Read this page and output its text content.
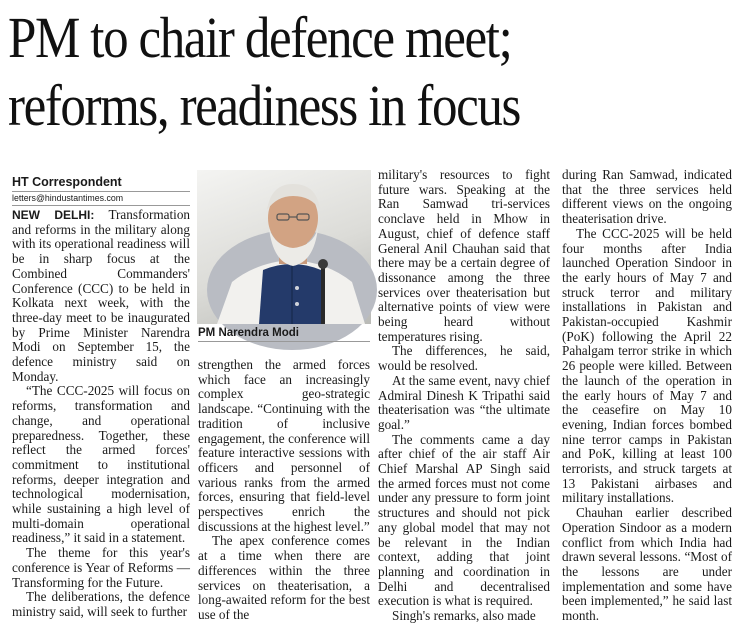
PM to chair defence meet;
reforms, readiness in focus
HT Correspondent
letters@hindustantimes.com

NEW DELHI: Transformation and reforms in the military along with its operational readiness will be in sharp focus at the Combined Commanders' Conference (CCC) to be held in Kolkata next week, with the three-day meet to be inaugurated by Prime Minister Narendra Modi on September 15, the defence ministry said on Monday.

“The CCC-2025 will focus on reforms, transformation and change, and operational preparedness. Together, these reflect the armed forces' commitment to institutional reforms, deeper integration and technological modernisation, while sustaining a high level of multi-domain operational readiness,” it said in a statement.

The theme for this year's conference is Year of Reforms — Transforming for the Future.

The deliberations, the defence ministry said, will seek to further

PM Narendra Modi

strengthen the armed forces which face an increasingly complex geo-strategic landscape. “Continuing with the tradition of inclusive engagement, the conference will feature interactive sessions with officers and personnel of various ranks from the armed forces, ensuring that field-level perspectives enrich the discussions at the highest level.”

The apex conference comes at a time when there are differences within the three services on theaterisation, a long-awaited reform for the best use of the

military's resources to fight future wars. Speaking at the Ran Samwad tri-services conclave held in Mhow in August, chief of defence staff General Anil Chauhan said that there may be a certain degree of dissonance among the three services over theaterisation but alternative points of view were being heard without temperatures rising.

The differences, he said, would be resolved.

At the same event, navy chief Admiral Dinesh K Tripathi said theaterisation was “the ultimate goal.”

The comments came a day after chief of the air staff Air Chief Marshal AP Singh said the armed forces must not come under any pressure to form joint structures and should not pick any global model that may not be relevant in the Indian context, adding that joint planning and coordination in Delhi and decentralised execution is what is required.

Singh's remarks, also made

during Ran Samwad, indicated that the three services held different views on the ongoing theaterisation drive.

The CCC-2025 will be held four months after India launched Operation Sindoor in the early hours of May 7 and struck terror and military installations in Pakistan and Pakistan-occupied Kashmir (PoK) following the April 22 Pahalgam terror strike in which 26 people were killed. Between the launch of the operation in the early hours of May 7 and the ceasefire on May 10 evening, Indian forces bombed nine terror camps in Pakistan and PoK, killing at least 100 terrorists, and struck targets at 13 Pakistani airbases and military installations.

Chauhan earlier described Operation Sindoor as a modern conflict from which India had drawn several lessons. “Most of the lessons are under implementation and some have been implemented,” he said last month.
